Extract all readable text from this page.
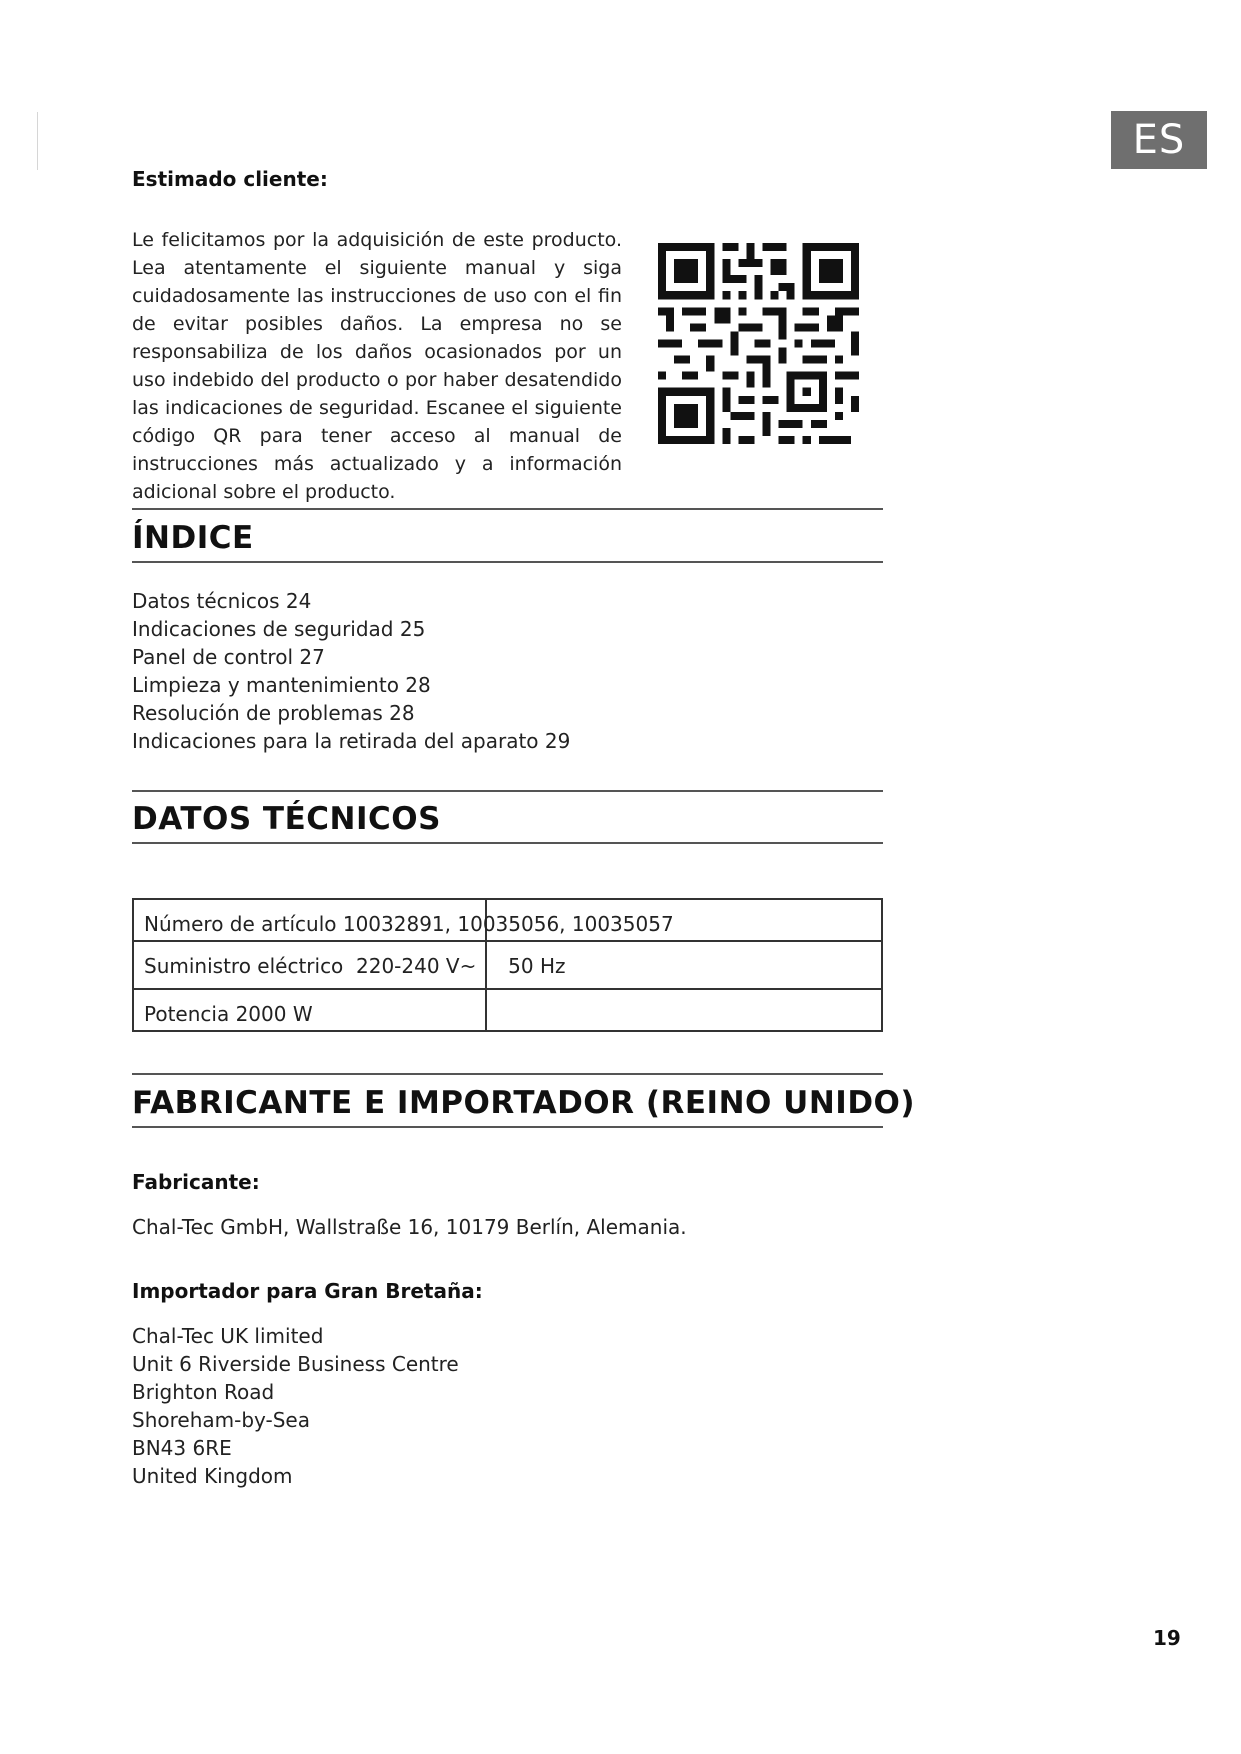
ES
Estimado cliente:
Le felicitamos por la adquisición de este producto. Lea atentamente el siguiente manual y siga cuidadosamente las instrucciones de uso con el fin de evitar posibles daños. La empresa no se responsabiliza de los daños ocasionados por un uso indebido del producto o por haber desatendido las indicaciones de seguridad. Escanee el siguiente código QR para tener acceso al manual de instrucciones más actualizado y a información adicional sobre el producto.
ÍNDICE
Datos técnicos 24
Indicaciones de seguridad 25
Panel de control 27
Limpieza y mantenimiento 28
Resolución de problemas 28
Indicaciones para la retirada del aparato 29
DATOS TÉCNICOS
Número de artículo 10032891, 10035056, 10035057
Suministro eléctrico  220-240 V~     50 Hz
Potencia 2000 W
FABRICANTE E IMPORTADOR (REINO UNIDO)
Fabricante:
Chal-Tec GmbH, Wallstraße 16, 10179 Berlín, Alemania.
Importador para Gran Bretaña:
Chal-Tec UK limited
Unit 6 Riverside Business Centre
Brighton Road
Shoreham-by-Sea
BN43 6RE
United Kingdom
19
